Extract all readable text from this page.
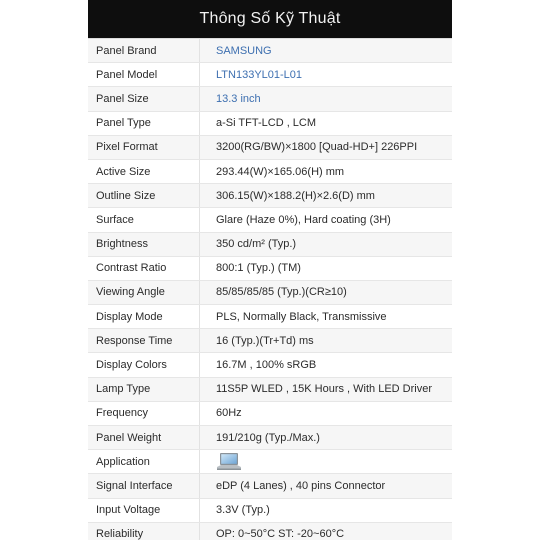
Thông Số Kỹ Thuật
Panel Brand	SAMSUNG
Panel Model	LTN133YL01-L01
Panel Size	13.3 inch
Panel Type	a-Si TFT-LCD , LCM
Pixel Format	3200(RG/BW)×1800 [Quad-HD+] 226PPI
Active Size	293.44(W)×165.06(H) mm
Outline Size	306.15(W)×188.2(H)×2.6(D) mm
Surface	Glare (Haze 0%), Hard coating (3H)
Brightness	350 cd/m² (Typ.)
Contrast Ratio	800:1 (Typ.) (TM)
Viewing Angle	85/85/85/85 (Typ.)(CR≥10)
Display Mode	PLS, Normally Black, Transmissive
Response Time	16 (Typ.)(Tr+Td) ms
Display Colors	16.7M , 100% sRGB
Lamp Type	11S5P WLED , 15K Hours , With LED Driver
Frequency	60Hz
Panel Weight	191/210g (Typ./Max.)
Application
Signal Interface	eDP (4 Lanes) , 40 pins Connector
Input Voltage	3.3V (Typ.)
Reliability	OP: 0~50°C ST: -20~60°C
